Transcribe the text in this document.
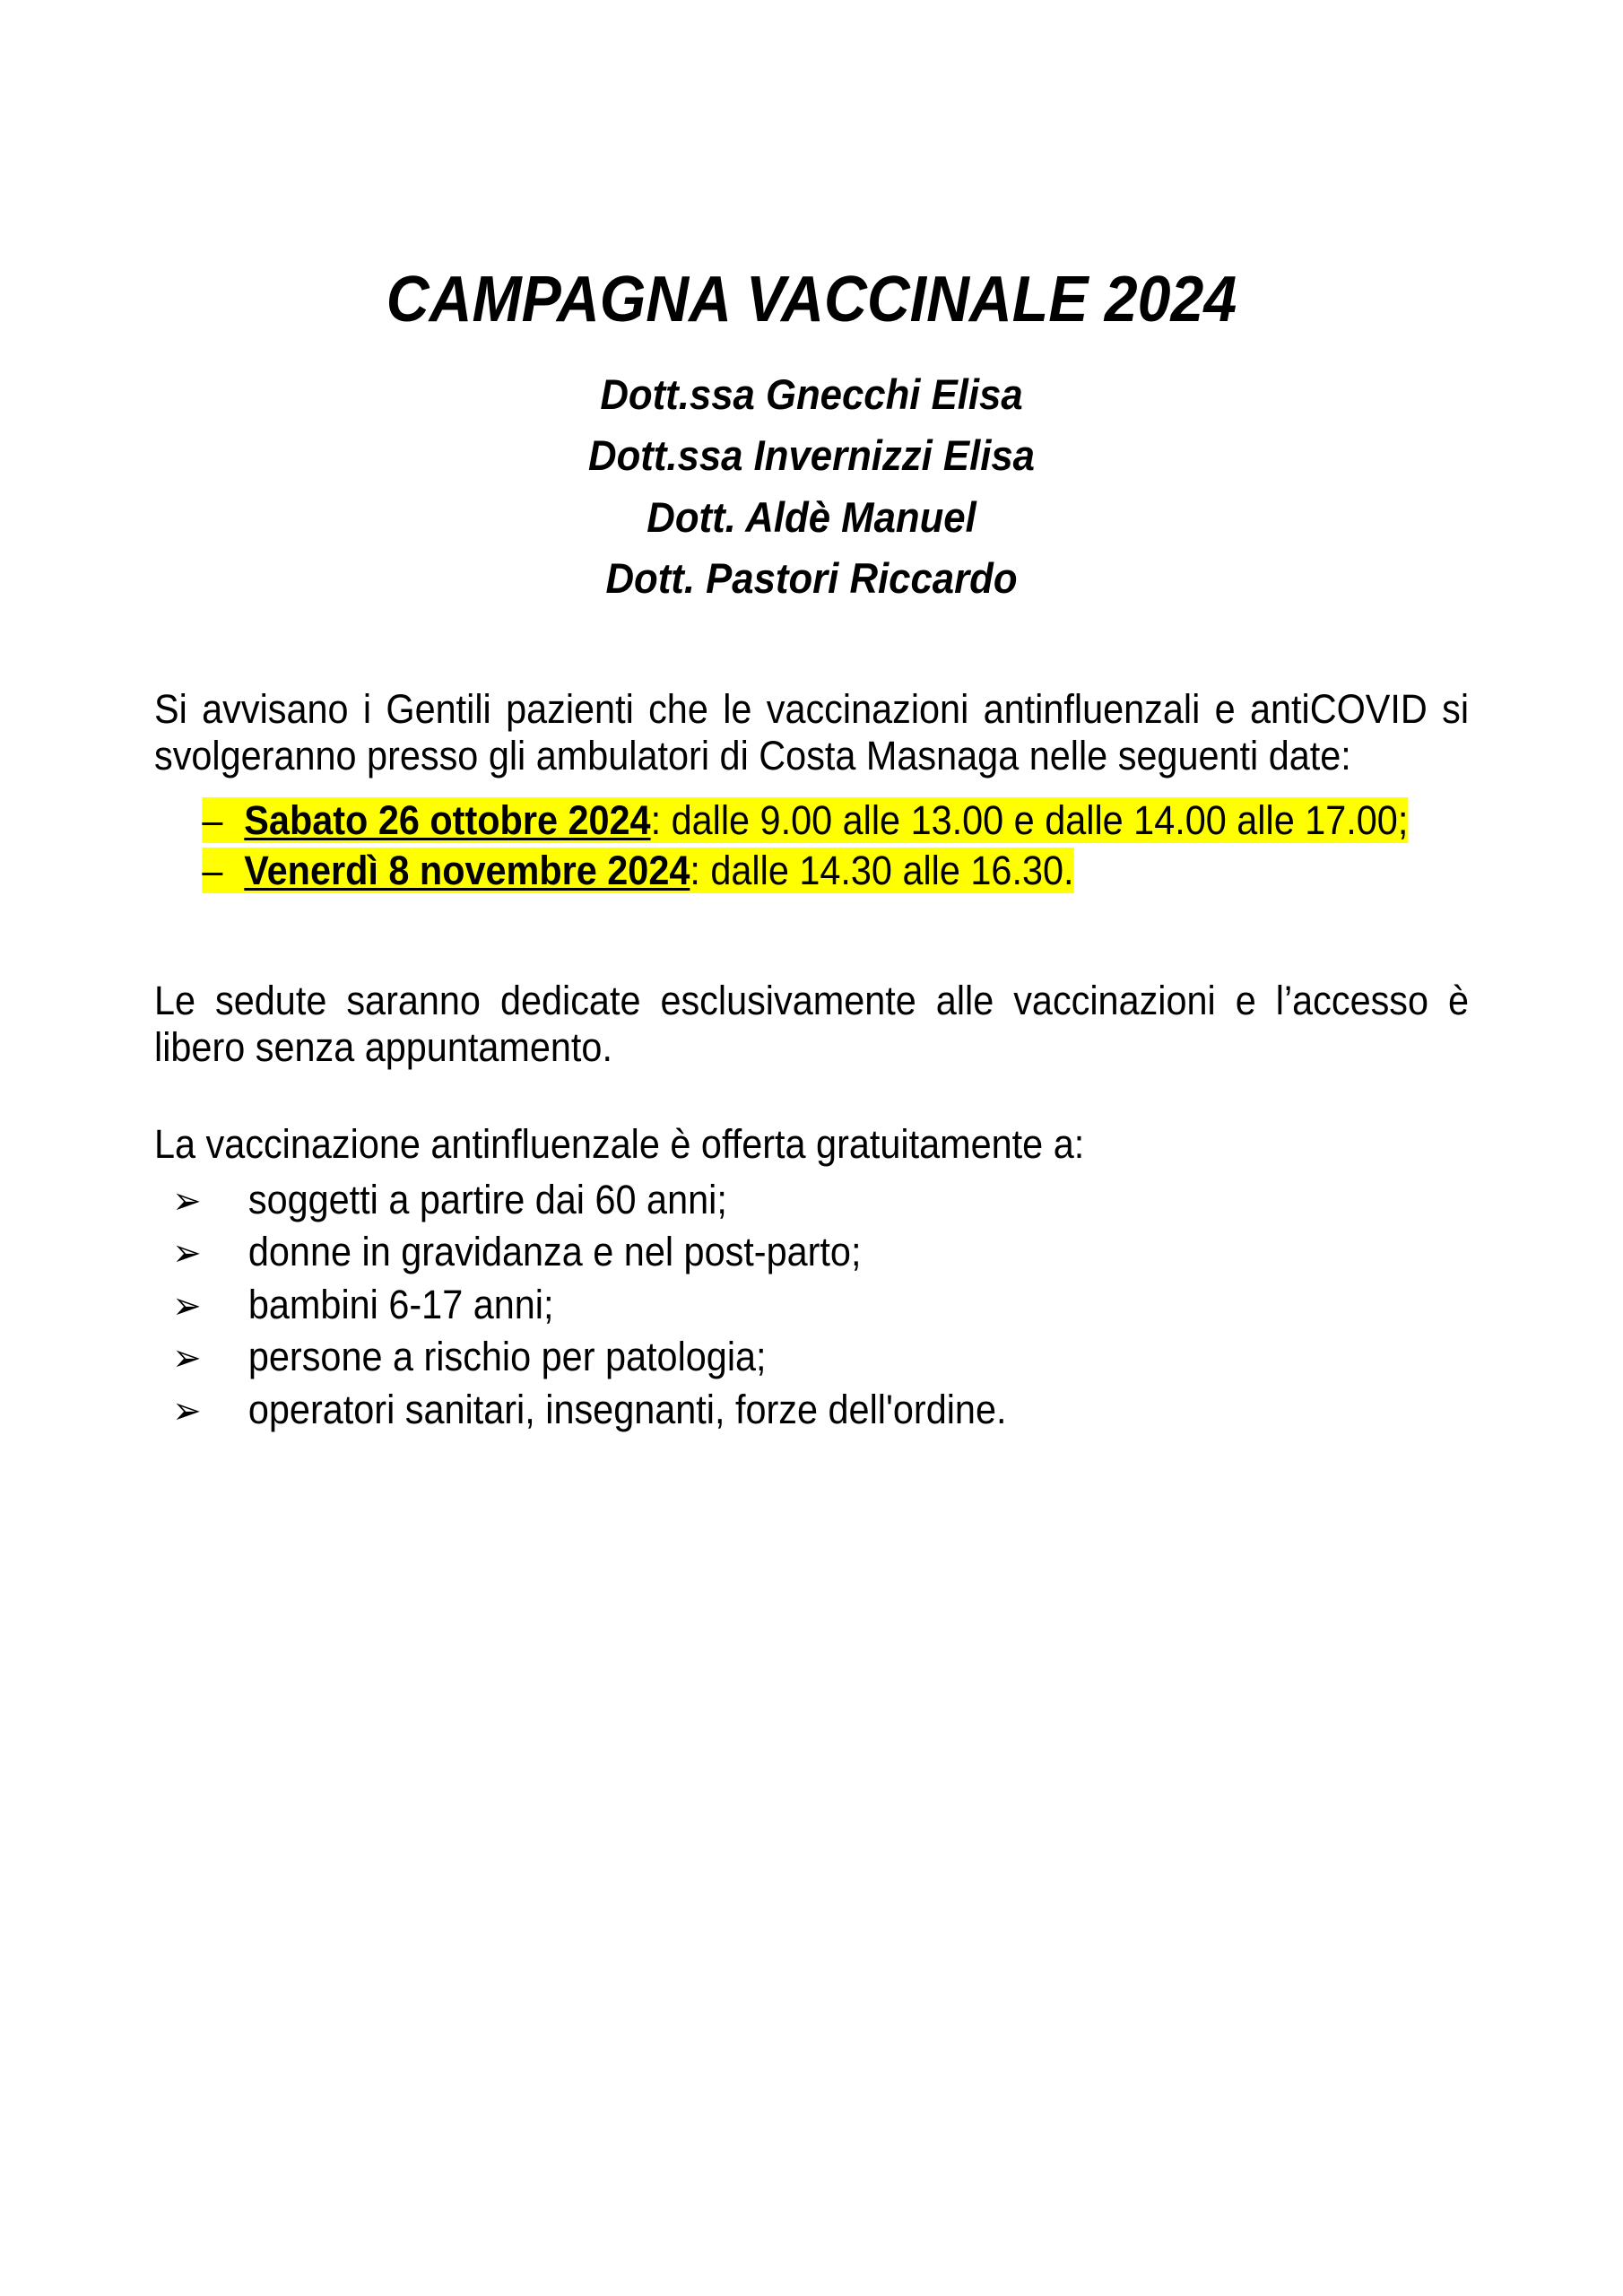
CAMPAGNA VACCINALE 2024
Dott.ssa Gnecchi Elisa
Dott.ssa Invernizzi Elisa
Dott. Aldè Manuel
Dott. Pastori Riccardo

Si avvisano i Gentili pazienti che le vaccinazioni antinfluenzali e antiCOVID si svolgeranno presso gli ambulatori di Costa Masnaga nelle seguenti date:

– Sabato 26 ottobre 2024: dalle 9.00 alle 13.00 e dalle 14.00 alle 17.00;
– Venerdì 8 novembre 2024: dalle 14.30 alle 16.30.

Le sedute saranno dedicate esclusivamente alle vaccinazioni e l’accesso è libero senza appuntamento.

La vaccinazione antinfluenzale è offerta gratuitamente a:

➢ soggetti a partire dai 60 anni;
➢ donne in gravidanza e nel post-parto;
➢ bambini 6-17 anni;
➢ persone a rischio per patologia;
➢ operatori sanitari, insegnanti, forze dell'ordine.
